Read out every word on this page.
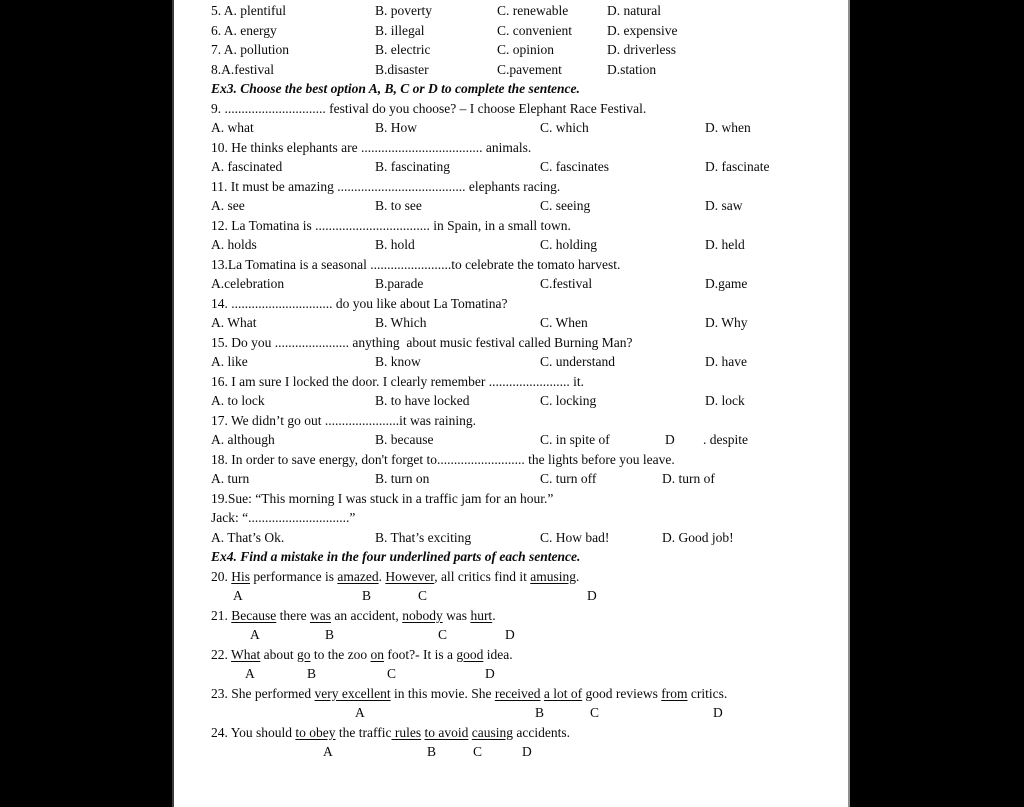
5. A. plentiful	B. poverty	C. renewable	D. natural
6. A. energy	B. illegal	C. convenient	D. expensive
7. A. pollution	B. electric	C. opinion	D. driverless
8.A.festival	B.disaster	C.pavement	D.station
Ex3. Choose the best option A, B, C or D to complete the sentence.
9. .............................. festival do you choose? – I choose Elephant Race Festival.
A. what	B. How	C. which	D. when
10. He thinks elephants are .................................... animals.
A. fascinated	B. fascinating	C. fascinates	D. fascinate
11. It must be amazing ...................................... elephants racing.
A. see	B. to see	C. seeing	D. saw
12. La Tomatina is .................................. in Spain, in a small town.
A. holds	B. hold	C. holding	D. held
13.La Tomatina is a seasonal ........................to celebrate the tomato harvest.
A.celebration	B.parade	C.festival	D.game
14. .............................. do you like about La Tomatina?
A. What	B. Which	C. When	D. Why
15. Do you ...................... anything  about music festival called Burning Man?
A. like	B. know	C. understand	D. have
16. I am sure I locked the door. I clearly remember ........................ it.
A. to lock	B. to have locked	C. locking	D. lock
17. We didn’t go out ......................it was raining.
A. although	B. because	C. in spite of	D . despite
18. In order to save energy, don't forget to.......................... the lights before you leave.
A. turn	B. turn on	C. turn off	D. turn of
19.Sue: “This morning I was stuck in a traffic jam for an hour.”
Jack: “..............................”
A. That’s Ok.	B. That’s exciting	C. How bad!	D. Good job!
Ex4. Find a mistake in the four underlined parts of each sentence.
20. His performance is amazed. However, all critics find it amusing.
A	B	C	D
21. Because there was an accident, nobody was hurt.
A	B	C	D
22. What about go to the zoo on foot?- It is a good idea.
A	B	C	D
23. She performed very excellent in this movie. She received a lot of good reviews from critics.
A	B	C	D
24. You should to obey the traffic rules to avoid causing accidents.
A	B	C	D
